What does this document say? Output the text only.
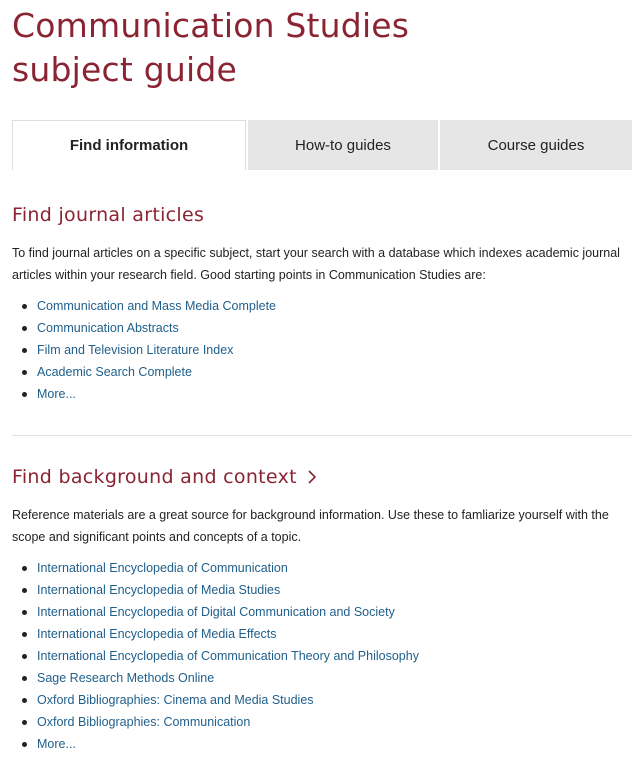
Communication Studies
subject guide
Find information	How-to guides	Course guides
Find journal articles

To find journal articles on a specific subject, start your search with a database which indexes academic journal articles within your research field. Good starting points in Communication Studies are:

Communication and Mass Media Complete
Communication Abstracts
Film and Television Literature Index
Academic Search Complete
More...
Find background and context

Reference materials are a great source for background information. Use these to famliarize yourself with the scope and significant points and concepts of a topic.

International Encyclopedia of Communication
International Encyclopedia of Media Studies
International Encyclopedia of Digital Communication and Society
International Encyclopedia of Media Effects
International Encyclopedia of Communication Theory and Philosophy
Sage Research Methods Online
Oxford Bibliographies: Cinema and Media Studies
Oxford Bibliographies: Communication
More...
